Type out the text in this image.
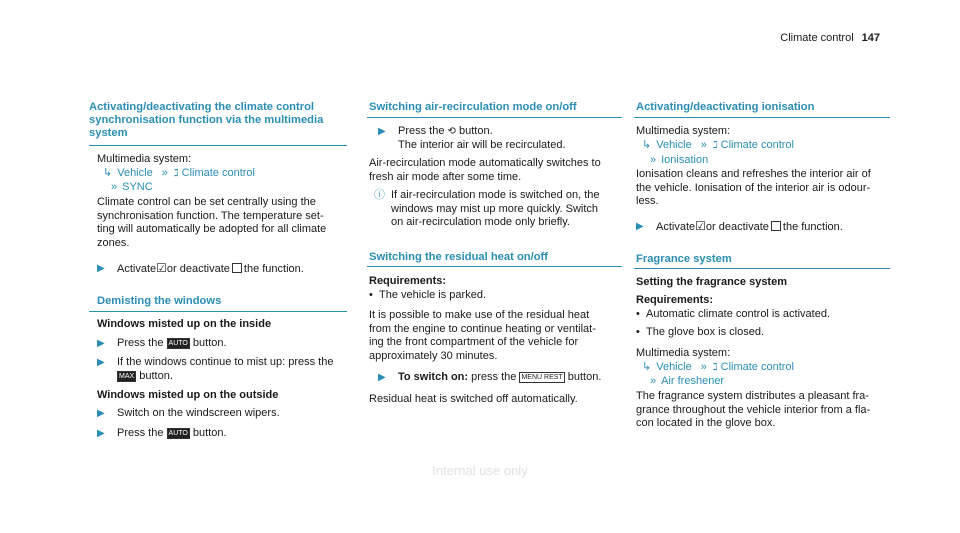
Climate control 147
Activating/deactivating the climate control
synchronisation function via the multimedia
system
Multimedia system:
↳ Vehicle » ℷ Climate control
» SYNC
Climate control can be set centrally using the
synchronisation function. The temperature set-
ting will automatically be adopted for all climate
zones.
▶ Activate☑or deactivate the function.
Demisting the windows
Windows misted up on the inside
▶ Press the AUTO button.
▶ If the windows continue to mist up: press the
MAX button.
Windows misted up on the outside
▶ Switch on the windscreen wipers.
▶ Press the AUTO button.
Switching air-recirculation mode on/off
▶ Press the ⟲ button.
The interior air will be recirculated.
Air-recirculation mode automatically switches to
fresh air mode after some time.
ⓘ If air-recirculation mode is switched on, the
windows may mist up more quickly. Switch
on air-recirculation mode only briefly.
Switching the residual heat on/off
Requirements:
• The vehicle is parked.
It is possible to make use of the residual heat
from the engine to continue heating or ventilat-
ing the front compartment of the vehicle for
approximately 30 minutes.
▶ To switch on: press the MENU REST button.
Residual heat is switched off automatically.
Activating/deactivating ionisation
Multimedia system:
↳ Vehicle » ℷ Climate control
» Ionisation
Ionisation cleans and refreshes the interior air of
the vehicle. Ionisation of the interior air is odour-
less.
▶ Activate☑or deactivate the function.
Fragrance system
Setting the fragrance system
Requirements:
• Automatic climate control is activated.
• The glove box is closed.
Multimedia system:
↳ Vehicle » ℷ Climate control
» Air freshener
The fragrance system distributes a pleasant fra-
grance throughout the vehicle interior from a fla-
con located in the glove box.
Internal use only
